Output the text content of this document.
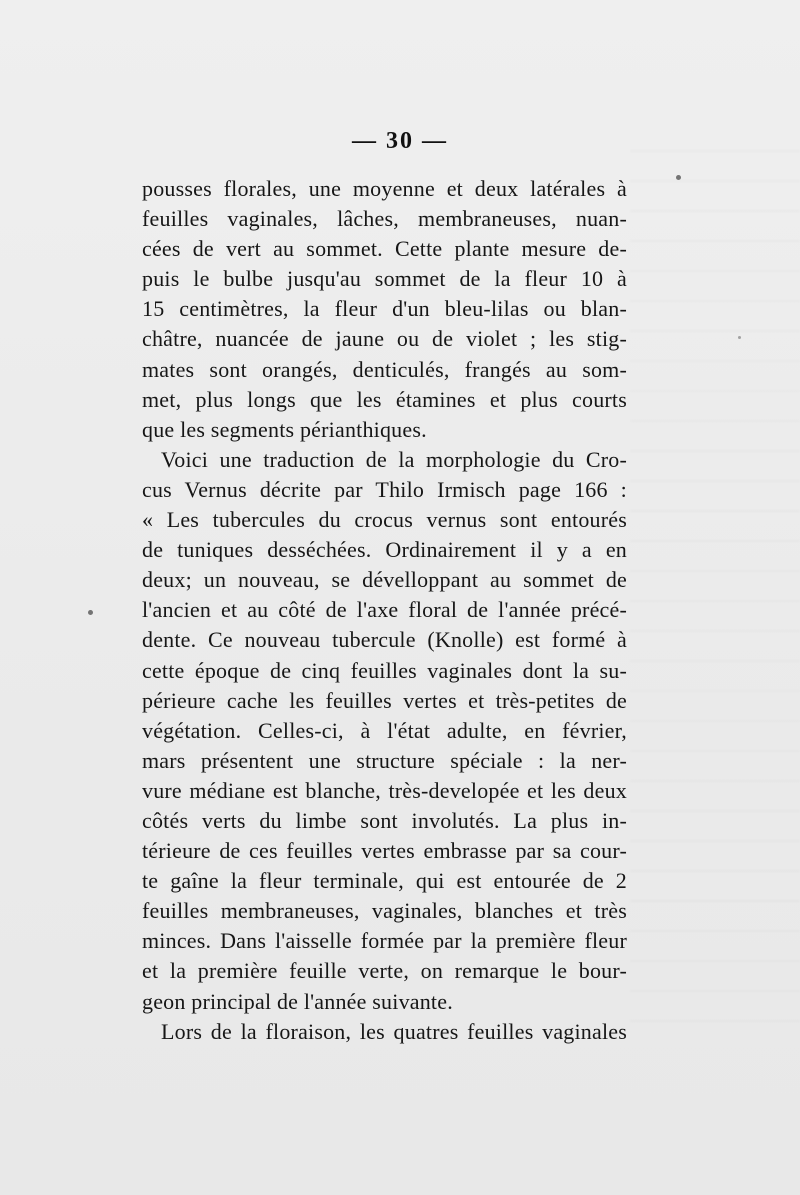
— 30 —
pousses florales, une moyenne et deux latérales à
feuilles vaginales, lâches, membraneuses, nuan-
cées de vert au sommet. Cette plante mesure de-
puis le bulbe jusqu'au sommet de la fleur 10 à
15 centimètres, la fleur d'un bleu-lilas ou blan-
châtre, nuancée de jaune ou de violet ; les stig-
mates sont orangés, denticulés, frangés au som-
met, plus longs que les étamines et plus courts
que les segments périanthiques.
Voici une traduction de la morphologie du Cro-
cus Vernus décrite par Thilo Irmisch page 166 :
« Les tubercules du crocus vernus sont entourés
de tuniques desséchées. Ordinairement il y a en
deux; un nouveau, se dévelloppant au sommet de
l'ancien et au côté de l'axe floral de l'année précé-
dente. Ce nouveau tubercule (Knolle) est formé à
cette époque de cinq feuilles vaginales dont la su-
périeure cache les feuilles vertes et très-petites de
végétation. Celles-ci, à l'état adulte, en février,
mars présentent une structure spéciale : la ner-
vure médiane est blanche, très-developée et les deux
côtés verts du limbe sont involutés. La plus in-
térieure de ces feuilles vertes embrasse par sa cour-
te gaîne la fleur terminale, qui est entourée de 2
feuilles membraneuses, vaginales, blanches et très
minces. Dans l'aisselle formée par la première fleur
et la première feuille verte, on remarque le bour-
geon principal de l'année suivante.
Lors de la floraison, les quatres feuilles vaginales
